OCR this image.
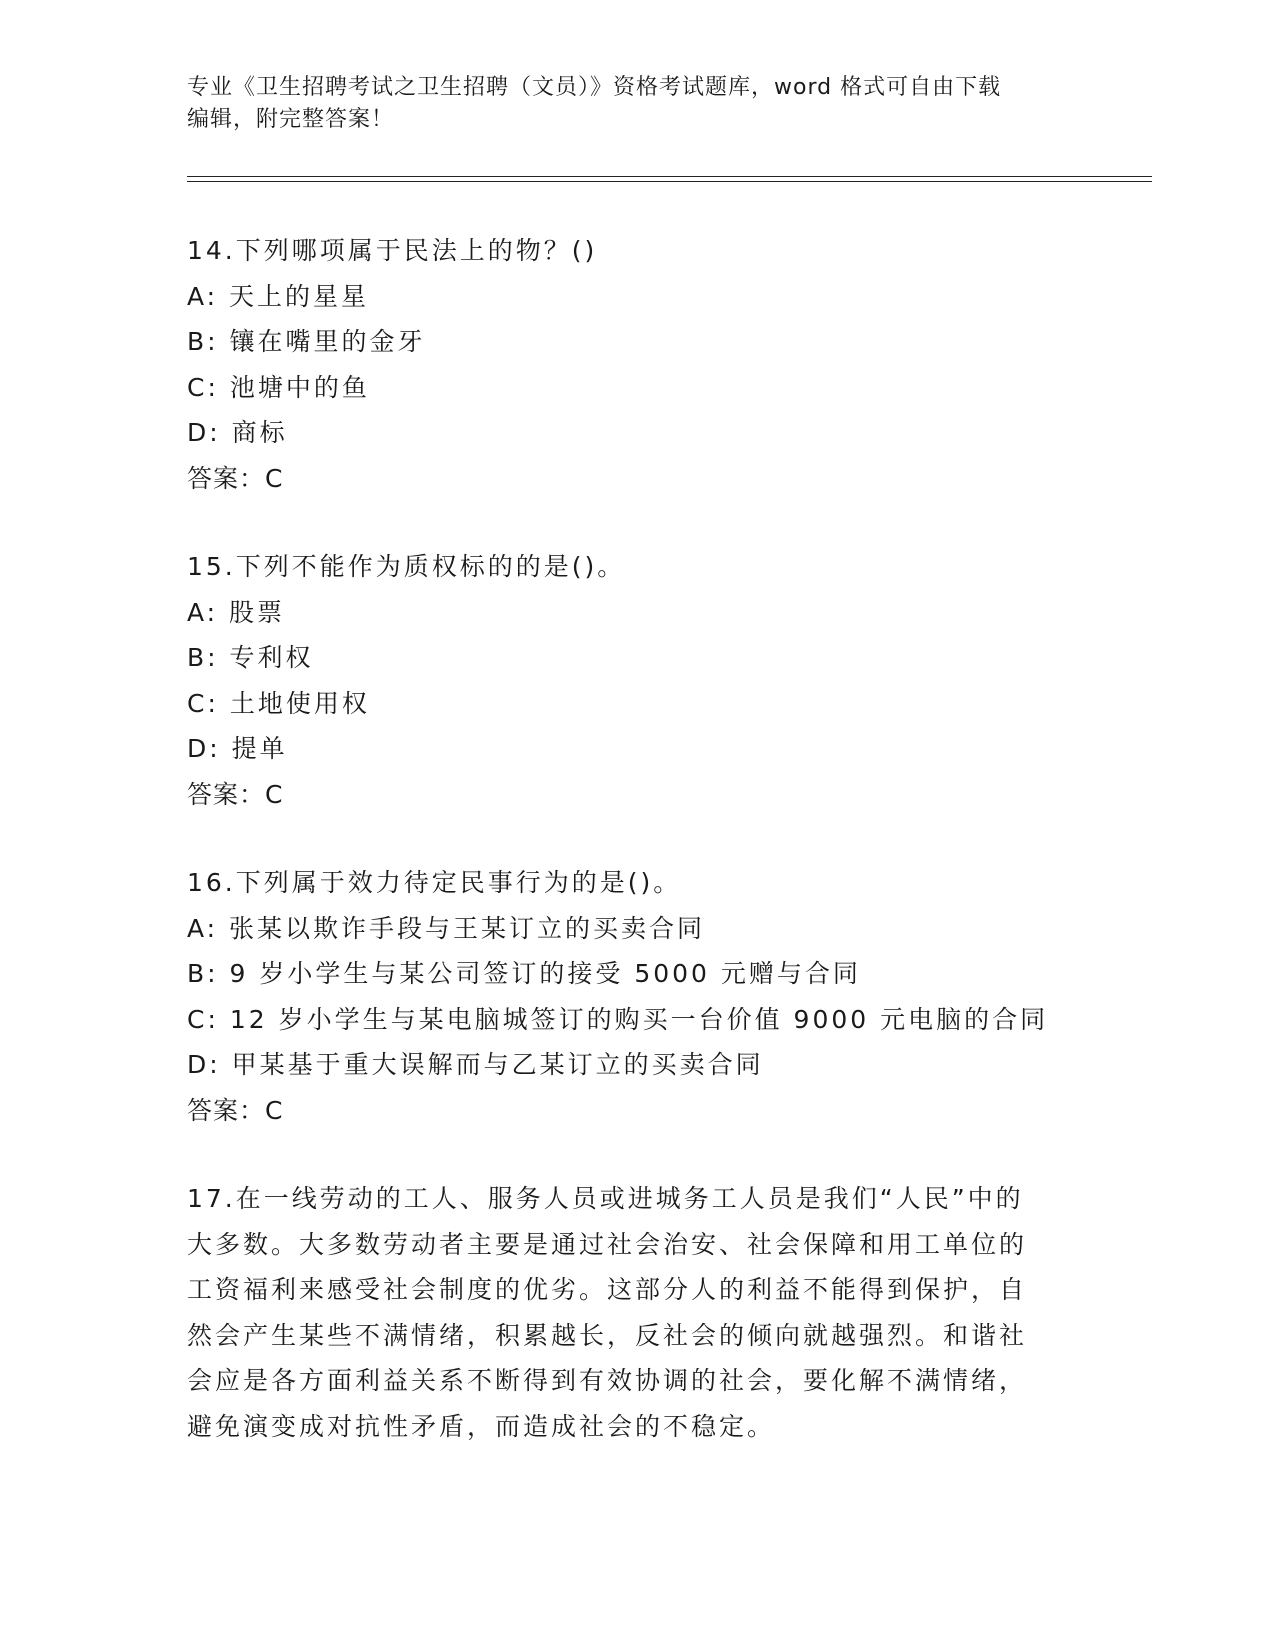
专业《卫生招聘考试之卫生招聘（文员）》资格考试题库，word 格式可自由下载
编辑，附完整答案！
14.下列哪项属于民法上的物？()
A: 天上的星星
B: 镶在嘴里的金牙
C: 池塘中的鱼
D: 商标
答案：C
15.下列不能作为质权标的的是()。
A: 股票
B: 专利权
C: 土地使用权
D: 提单
答案：C
16.下列属于效力待定民事行为的是()。
A: 张某以欺诈手段与王某订立的买卖合同
B: 9 岁小学生与某公司签订的接受 5000 元赠与合同
C: 12 岁小学生与某电脑城签订的购买一台价值 9000 元电脑的合同
D: 甲某基于重大误解而与乙某订立的买卖合同
答案：C
17.在一线劳动的工人、服务人员或进城务工人员是我们“人民”中的
大多数。大多数劳动者主要是通过社会治安、社会保障和用工单位的
工资福利来感受社会制度的优劣。这部分人的利益不能得到保护，自
然会产生某些不满情绪，积累越长，反社会的倾向就越强烈。和谐社
会应是各方面利益关系不断得到有效协调的社会，要化解不满情绪，
避免演变成对抗性矛盾，而造成社会的不稳定。
